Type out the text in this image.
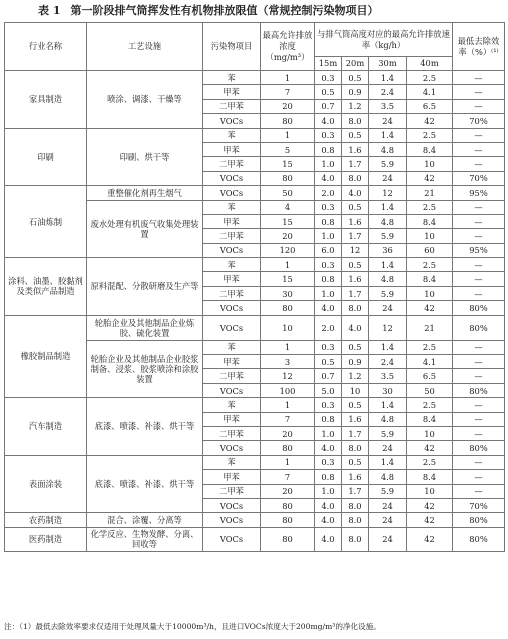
表 1 第一阶段排气筒挥发性有机物排放限值（常规控制污染物项目）
行业名称	工艺设施	污染物项目	最高允许排放浓度（mg/m³）	与排气筒高度对应的最高允许排放速率（kg/h）				最低去除效率（%）⁽¹⁾
				15m	20m	30m	40m	
家具制造	喷涂、调漆、干燥等	苯	1	0.3	0.5	1.4	2.5	—
		甲苯	7	0.5	0.9	2.4	4.1	—
		二甲苯	20	0.7	1.2	3.5	6.5	—
		VOCs	80	4.0	8.0	24	42	70%
印刷	印刷、烘干等	苯	1	0.3	0.5	1.4	2.5	—
		甲苯	5	0.8	1.6	4.8	8.4	—
		二甲苯	15	1.0	1.7	5.9	10	—
		VOCs	80	4.0	8.0	24	42	70%
石油炼制	重整催化剂再生烟气	VOCs	50	2.0	4.0	12	21	95%
	废水处理有机废气收集处理装置	苯	4	0.3	0.5	1.4	2.5	—
		甲苯	15	0.8	1.6	4.8	8.4	—
		二甲苯	20	1.0	1.7	5.9	10	—
		VOCs	120	6.0	12	36	60	95%
涂料、油墨、胶黏剂及类似产品制造	原料混配、分散研磨及生产等	苯	1	0.3	0.5	1.4	2.5	—
		甲苯	15	0.8	1.6	4.8	8.4	—
		二甲苯	30	1.0	1.7	5.9	10	—
		VOCs	80	4.0	8.0	24	42	80%
橡胶制品制造	轮胎企业及其他制品企业炼胶、硫化装置	VOCs	10	2.0	4.0	12	21	80%
	轮胎企业及其他制品企业胶浆制备、浸浆、胶浆喷涂和涂胶装置	苯	1	0.3	0.5	1.4	2.5	—
		甲苯	3	0.5	0.9	2.4	4.1	—
		二甲苯	12	0.7	1.2	3.5	6.5	—
		VOCs	100	5.0	10	30	50	80%
汽车制造	底漆、喷漆、补漆、烘干等	苯	1	0.3	0.5	1.4	2.5	—
		甲苯	7	0.8	1.6	4.8	8.4	—
		二甲苯	20	1.0	1.7	5.9	10	—
		VOCs	80	4.0	8.0	24	42	80%
表面涂装	底漆、喷漆、补漆、烘干等	苯	1	0.3	0.5	1.4	2.5	—
		甲苯	7	0.8	1.6	4.8	8.4	—
		二甲苯	20	1.0	1.7	5.9	10	—
		VOCs	80	4.0	8.0	24	42	70%
农药制造	混合、涂覆、分离等	VOCs	80	4.0	8.0	24	42	80%
医药制造	化学反应、生物发酵、分离、回收等	VOCs	80	4.0	8.0	24	42	80%
注：（1）最低去除效率要求仅适用于处理风量大于10000m³/h，且进口VOCs浓度大于200mg/m³的净化设施。
